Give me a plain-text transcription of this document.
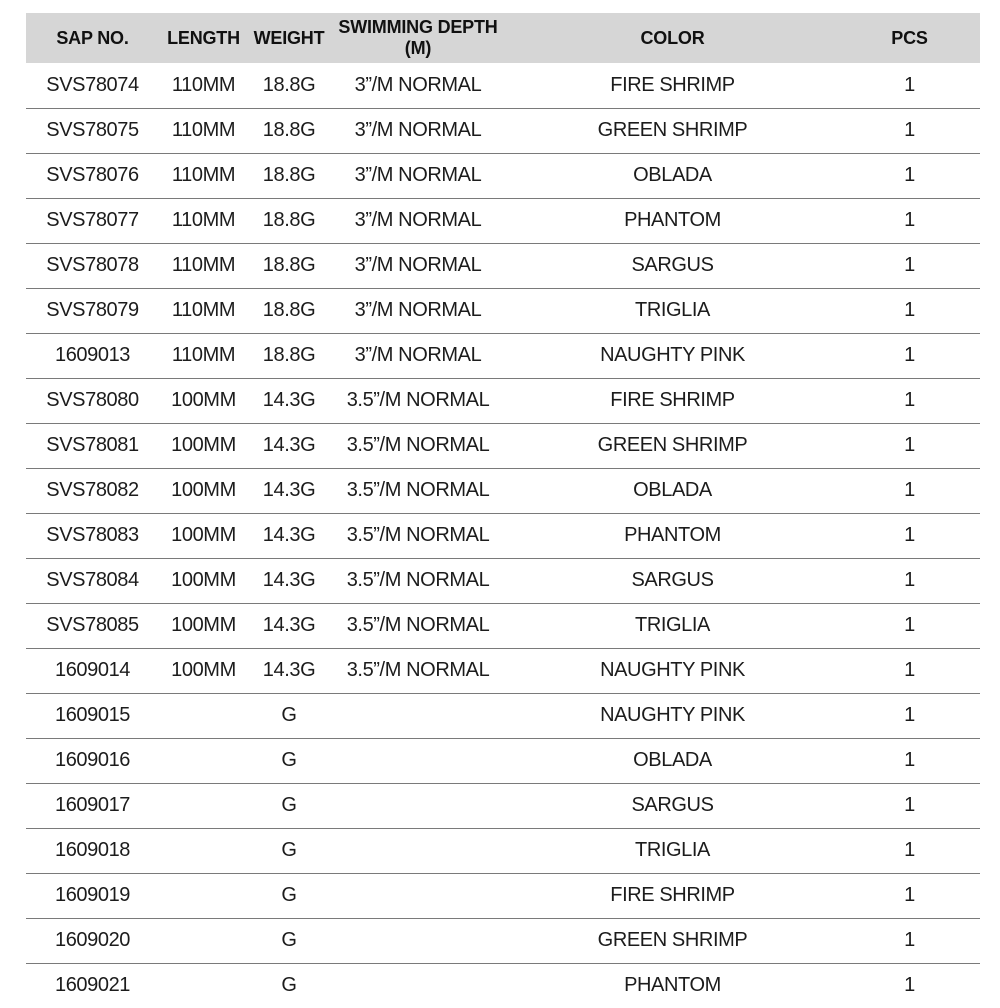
SAP NO.	LENGTH	WEIGHT	SWIMMING DEPTH (M)	COLOR	PCS
SVS78074	110MM	18.8G	3”/M NORMAL	FIRE SHRIMP	1
SVS78075	110MM	18.8G	3”/M NORMAL	GREEN SHRIMP	1
SVS78076	110MM	18.8G	3”/M NORMAL	OBLADA	1
SVS78077	110MM	18.8G	3”/M NORMAL	PHANTOM	1
SVS78078	110MM	18.8G	3”/M NORMAL	SARGUS	1
SVS78079	110MM	18.8G	3”/M NORMAL	TRIGLIA	1
1609013	110MM	18.8G	3”/M NORMAL	NAUGHTY PINK	1
SVS78080	100MM	14.3G	3.5”/M NORMAL	FIRE SHRIMP	1
SVS78081	100MM	14.3G	3.5”/M NORMAL	GREEN SHRIMP	1
SVS78082	100MM	14.3G	3.5”/M NORMAL	OBLADA	1
SVS78083	100MM	14.3G	3.5”/M NORMAL	PHANTOM	1
SVS78084	100MM	14.3G	3.5”/M NORMAL	SARGUS	1
SVS78085	100MM	14.3G	3.5”/M NORMAL	TRIGLIA	1
1609014	100MM	14.3G	3.5”/M NORMAL	NAUGHTY PINK	1
1609015		G		NAUGHTY PINK	1
1609016		G		OBLADA	1
1609017		G		SARGUS	1
1609018		G		TRIGLIA	1
1609019		G		FIRE SHRIMP	1
1609020		G		GREEN SHRIMP	1
1609021		G		PHANTOM	1
